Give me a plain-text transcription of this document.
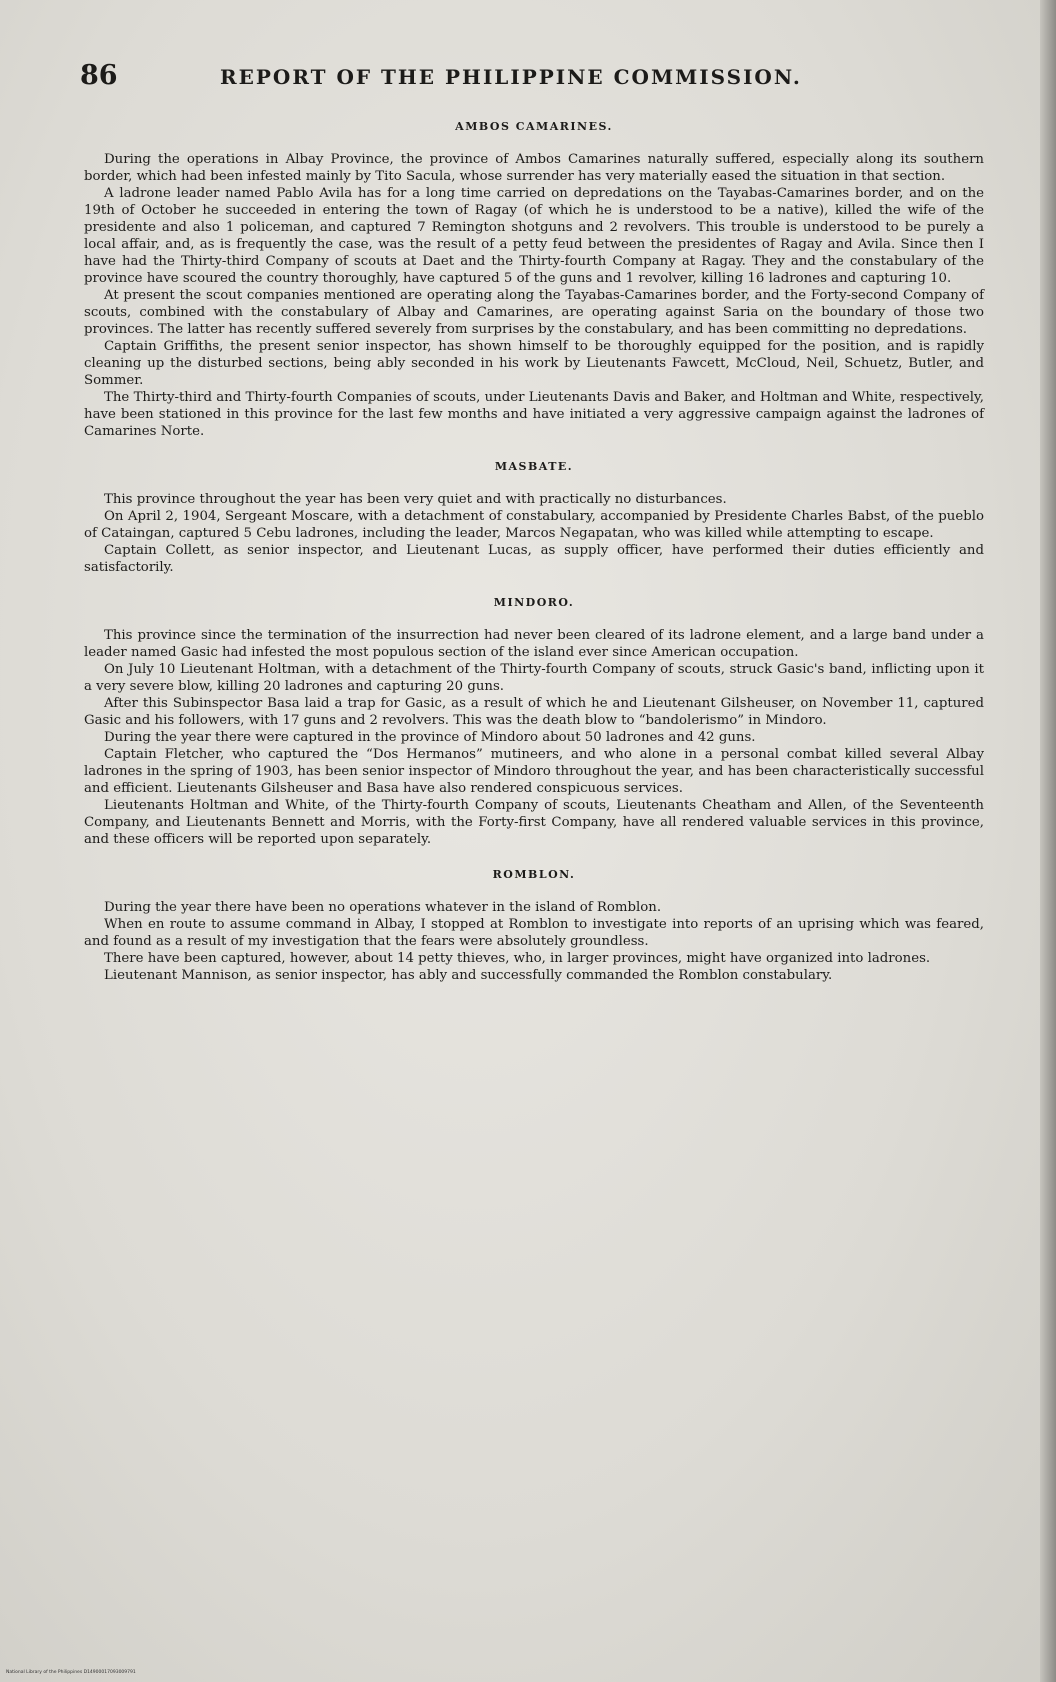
86	REPORT OF THE PHILIPPINE COMMISSION.
AMBOS CAMARINES.

During the operations in Albay Province, the province of Ambos Camarines naturally suffered, especially along its southern border, which had been infested mainly by Tito Sacula, whose surrender has very materially eased the situation in that section.

A ladrone leader named Pablo Avila has for a long time carried on depredations on the Tayabas-Camarines border, and on the 19th of October he succeeded in entering the town of Ragay (of which he is understood to be a native), killed the wife of the presidente and also 1 policeman, and captured 7 Remington shotguns and 2 revolvers. This trouble is understood to be purely a local affair, and, as is frequently the case, was the result of a petty feud between the presidentes of Ragay and Avila. Since then I have had the Thirty-third Company of scouts at Daet and the Thirty-fourth Company at Ragay. They and the constabulary of the province have scoured the country thoroughly, have captured 5 of the guns and 1 revolver, killing 16 ladrones and capturing 10.

At present the scout companies mentioned are operating along the Tayabas-Camarines border, and the Forty-second Company of scouts, combined with the constabulary of Albay and Camarines, are operating against Saria on the boundary of those two provinces. The latter has recently suffered severely from surprises by the constabulary, and has been committing no depredations.

Captain Griffiths, the present senior inspector, has shown himself to be thoroughly equipped for the position, and is rapidly cleaning up the disturbed sections, being ably seconded in his work by Lieutenants Fawcett, McCloud, Neil, Schuetz, Butler, and Sommer.

The Thirty-third and Thirty-fourth Companies of scouts, under Lieutenants Davis and Baker, and Holtman and White, respectively, have been stationed in this province for the last few months and have initiated a very aggressive campaign against the ladrones of Camarines Norte.

MASBATE.

This province throughout the year has been very quiet and with practically no disturbances.

On April 2, 1904, Sergeant Moscare, with a detachment of constabulary, accompanied by Presidente Charles Babst, of the pueblo of Cataingan, captured 5 Cebu ladrones, including the leader, Marcos Negapatan, who was killed while attempting to escape.

Captain Collett, as senior inspector, and Lieutenant Lucas, as supply officer, have performed their duties efficiently and satisfactorily.

MINDORO.

This province since the termination of the insurrection had never been cleared of its ladrone element, and a large band under a leader named Gasic had infested the most populous section of the island ever since American occupation.

On July 10 Lieutenant Holtman, with a detachment of the Thirty-fourth Company of scouts, struck Gasic's band, inflicting upon it a very severe blow, killing 20 ladrones and capturing 20 guns.

After this Subinspector Basa laid a trap for Gasic, as a result of which he and Lieutenant Gilsheuser, on November 11, captured Gasic and his followers, with 17 guns and 2 revolvers. This was the death blow to “bandolerismo” in Mindoro.

During the year there were captured in the province of Mindoro about 50 ladrones and 42 guns.

Captain Fletcher, who captured the “Dos Hermanos” mutineers, and who alone in a personal combat killed several Albay ladrones in the spring of 1903, has been senior inspector of Mindoro throughout the year, and has been characteristically successful and efficient. Lieutenants Gilsheuser and Basa have also rendered conspicuous services.

Lieutenants Holtman and White, of the Thirty-fourth Company of scouts, Lieutenants Cheatham and Allen, of the Seventeenth Company, and Lieutenants Bennett and Morris, with the Forty-first Company, have all rendered valuable services in this province, and these officers will be reported upon separately.

ROMBLON.

During the year there have been no operations whatever in the island of Romblon.

When en route to assume command in Albay, I stopped at Romblon to investigate into reports of an uprising which was feared, and found as a result of my investigation that the fears were absolutely groundless.

There have been captured, however, about 14 petty thieves, who, in larger provinces, might have organized into ladrones.

Lieutenant Mannison, as senior inspector, has ably and successfully commanded the Romblon constabulary.

National Library of the Philippines D14900017093009791
